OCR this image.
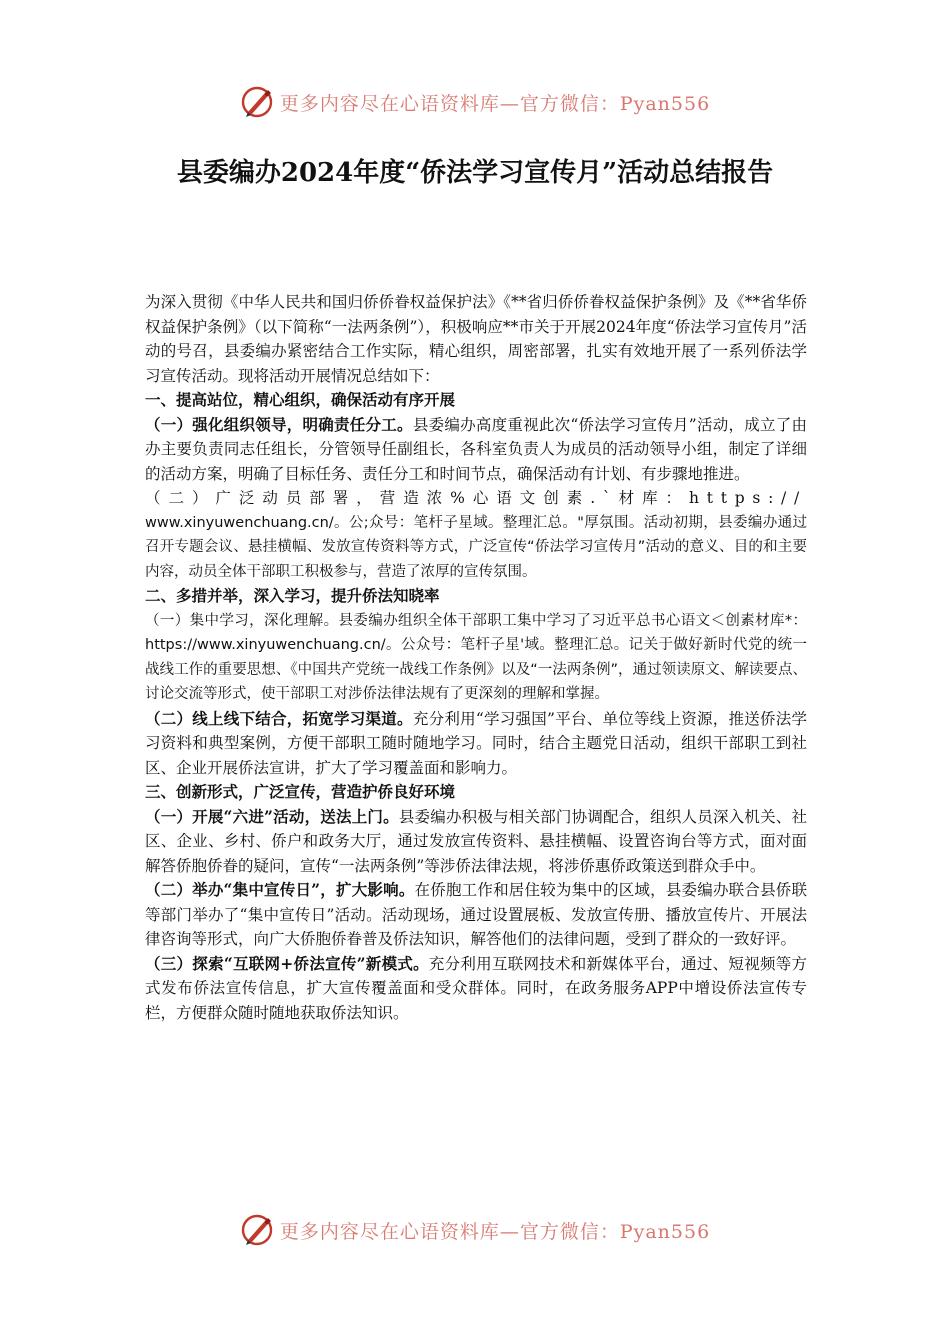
更多内容尽在心语资料库—官方微信：Pyan556
县委编办2024年度“侨法学习宣传月”活动总结报告

为深入贯彻《中华人民共和国归侨侨眷权益保护法》《**省归侨侨眷权益保护条例》及《**省华侨权益保护条例》（以下简称“一法两条例”），积极响应**市关于开展2024年度“侨法学习宣传月”活动的号召，县委编办紧密结合工作实际，精心组织，周密部署，扎实有效地开展了一系列侨法学习宣传活动。现将活动开展情况总结如下：

一、提高站位，精心组织，确保活动有序开展

（一）强化组织领导，明确责任分工。县委编办高度重视此次“侨法学习宣传月”活动，成立了由办主要负责同志任组长，分管领导任副组长，各科室负责人为成员的活动领导小组，制定了详细的活动方案，明确了目标任务、责任分工和时间节点，确保活动有计划、有步骤地推进。

（二）广泛动员部署，营造浓%心语文创素.`材库：https://

www.xinyuwenchuang.cn/。公;众号：笔杆子星域。整理汇总。"厚氛围。活动初期，县委编办通过召开专题会议、悬挂横幅、发放宣传资料等方式，广泛宣传“侨法学习宣传月”活动的意义、目的和主要内容，动员全体干部职工积极参与，营造了浓厚的宣传氛围。

二、多措并举，深入学习，提升侨法知晓率

（一）集中学习，深化理解。县委编办组织全体干部职工集中学习了习近平总书心语文＜创素材库*：https://www.xinyuwenchuang.cn/。公众号：笔杆子星'域。整理汇总。记关于做好新时代党的统一战线工作的重要思想、《中国共产党统一战线工作条例》以及“一法两条例”，通过领读原文、解读要点、讨论交流等形式，使干部职工对涉侨法律法规有了更深刻的理解和掌握。

（二）线上线下结合，拓宽学习渠道。充分利用“学习强国”平台、单位等线上资源，推送侨法学习资料和典型案例，方便干部职工随时随地学习。同时，结合主题党日活动，组织干部职工到社区、企业开展侨法宣讲，扩大了学习覆盖面和影响力。

三、创新形式，广泛宣传，营造护侨良好环境

（一）开展“六进”活动，送法上门。县委编办积极与相关部门协调配合，组织人员深入机关、社区、企业、乡村、侨户和政务大厅，通过发放宣传资料、悬挂横幅、设置咨询台等方式，面对面解答侨胞侨眷的疑问，宣传“一法两条例”等涉侨法律法规，将涉侨惠侨政策送到群众手中。

（二）举办“集中宣传日”，扩大影响。在侨胞工作和居住较为集中的区域，县委编办联合县侨联等部门举办了“集中宣传日”活动。活动现场，通过设置展板、发放宣传册、播放宣传片、开展法律咨询等形式，向广大侨胞侨眷普及侨法知识，解答他们的法律问题，受到了群众的一致好评。

（三）探索“互联网+侨法宣传”新模式。充分利用互联网技术和新媒体平台，通过、短视频等方式发布侨法宣传信息，扩大宣传覆盖面和受众群体。同时，在政务服务APP中增设侨法宣传专栏，方便群众随时随地获取侨法知识。

更多内容尽在心语资料库—官方微信：Pyan556
